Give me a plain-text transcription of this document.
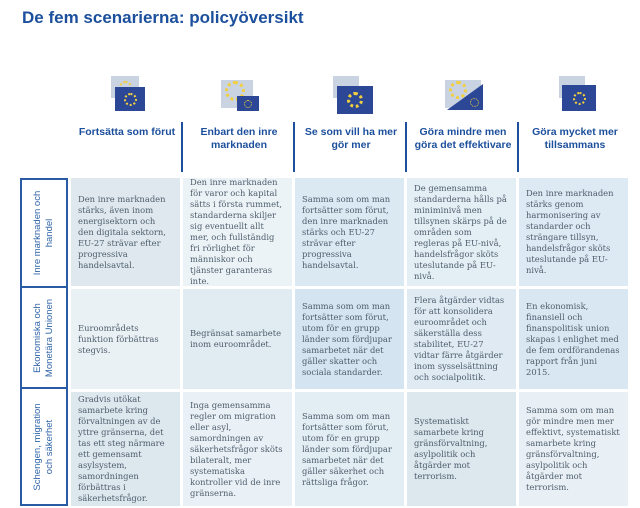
De fem scenarierna: policyöversikt
Fortsätta som förut	Enbart den inre marknaden
Se som vill ha mer gör mer
Göra mindre men göra det effektivare
Göra mycket mer tillsammans
Inre marknaden och handel
Ekonomiska och Monetära Unionen
Schengen, migration och säkerhet
Den inre marknaden stärks, även inom energisektorn och den digitala sektorn, EU-27 strävar efter progressiva handelsavtal.
Den inre marknaden för varor och kapital sätts i första rummet, standarderna skiljer sig eventuellt allt mer, och fullständig fri rörlighet för människor och tjänster garanteras inte.
Samma som om man fortsätter som förut, den inre marknaden stärks och EU-27 strävar efter progressiva handelsavtal.
De gemensamma standarderna hålls på miniminivå men tillsynen skärps på de områden som regleras på EU-nivå, handelsfrågor sköts uteslutande på EU-nivå.
Den inre marknaden stärks genom harmonisering av standarder och strängare tillsyn, handelsfrågor sköts uteslutande på EU-nivå.
Euroområdets funktion förbättras stegvis.
Begränsat samarbete inom euroområdet.
Samma som om man fortsätter som förut, utom för en grupp länder som fördjupar samarbetet när det gäller skatter och sociala standarder.
Flera åtgärder vidtas för att konsolidera euroområdet och säkerställa dess stabilitet, EU-27 vidtar färre åtgärder inom sysselsättning och socialpolitik.
En ekonomisk, finansiell och finanspolitisk union skapas i enlighet med de fem ordförandenas rapport från juni 2015.
Gradvis utökat samarbete kring förvaltningen av de yttre gränserna, det tas ett steg närmare ett gemensamt asylsystem, samordningen förbättras i säkerhetsfrågor.
Inga gemensamma regler om migration eller asyl, samordningen av säkerhetsfrågor sköts bilateralt, mer systematiska kontroller vid de inre gränserna.
Samma som om man fortsätter som förut, utom för en grupp länder som fördjupar samarbetet när det gäller säkerhet och rättsliga frågor.
Systematiskt samarbete kring gränsförvaltning, asylpolitik och åtgärder mot terrorism.
Samma som om man gör mindre men mer effektivt, systematiskt samarbete kring gränsförvaltning, asylpolitik och åtgärder mot terrorism.
